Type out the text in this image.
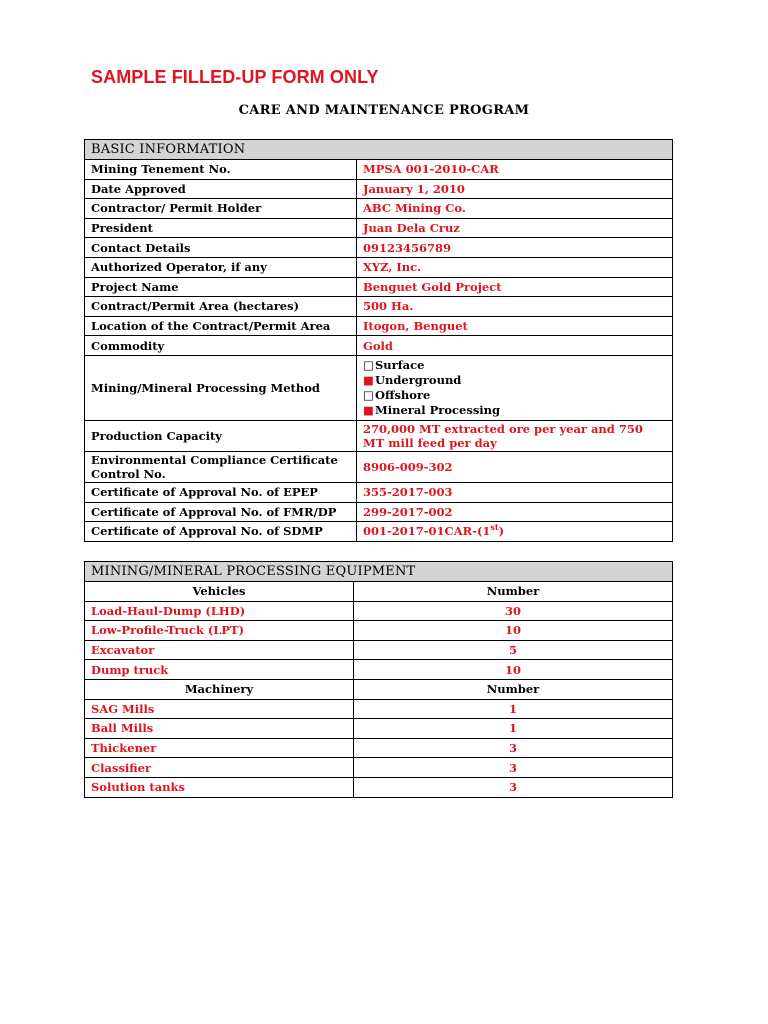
SAMPLE FILLED-UP FORM ONLY
CARE AND MAINTENANCE PROGRAM
BASIC INFORMATION	
Mining Tenement No.	MPSA 001-2010-CAR
Date Approved	January 1, 2010
Contractor/ Permit Holder	ABC Mining Co.
President	Juan Dela Cruz
Contact Details	09123456789
Authorized Operator, if any	XYZ, Inc.
Project Name	Benguet Gold Project
Contract/Permit Area (hectares)	500 Ha.
Location of the Contract/Permit Area	Itogon, Benguet
Commodity	Gold
Mining/Mineral Processing Method	□Surface
■Underground
□Offshore
■Mineral Processing

Production Capacity	270,000 MT extracted ore per year and 750 MT mill feed per day
Environmental Compliance Certificate Control No.	8906-009-302
Certificate of Approval No. of EPEP	355-2017-003
Certificate of Approval No. of FMR/DP	299-2017-002
Certificate of Approval No. of SDMP	001-2017-01CAR-(1st)
MINING/MINERAL PROCESSING EQUIPMENT	
Vehicles	Number
Load-Haul-Dump (LHD)	30
Low-Profile-Truck (LPT)	10
Excavator	5
Dump truck	10
Machinery	Number
SAG Mills	1
Ball Mills	1
Thickener	3
Classifier	3
Solution tanks	3
